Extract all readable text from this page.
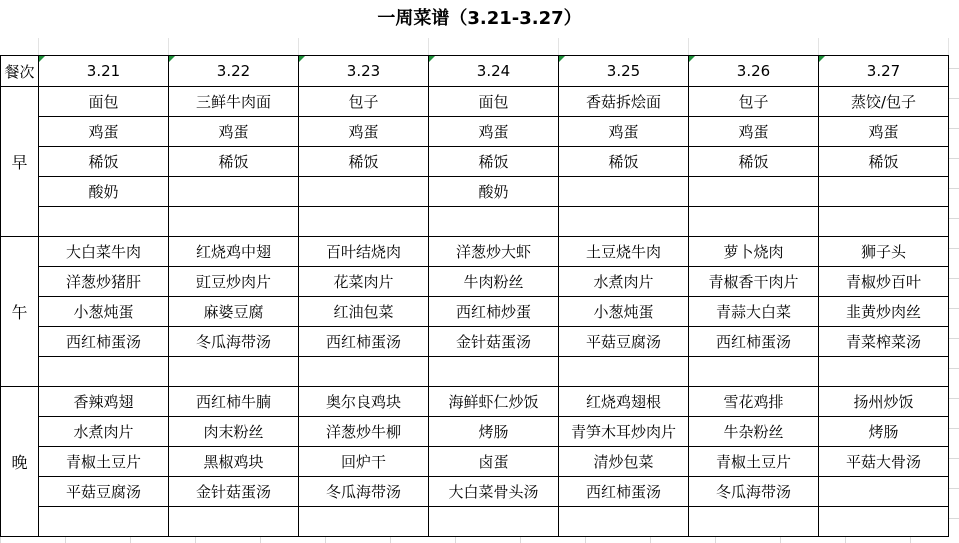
一周菜谱（3.21-3.27）
餐次	3.21	3.22	3.23	3.24	3.25	3.26	3.27
早	面包	三鲜牛肉面	包子	面包	香菇拆烩面	包子	蒸饺/包子
	鸡蛋	鸡蛋	鸡蛋	鸡蛋	鸡蛋	鸡蛋	鸡蛋
	稀饭	稀饭	稀饭	稀饭	稀饭	稀饭	稀饭
	酸奶			酸奶			

午	大白菜牛肉	红烧鸡中翅	百叶结烧肉	洋葱炒大虾	土豆烧牛肉	萝卜烧肉	狮子头
	洋葱炒猪肝	豇豆炒肉片	花菜肉片	牛肉粉丝	水煮肉片	青椒香干肉片	青椒炒百叶
	小葱炖蛋	麻婆豆腐	红油包菜	西红柿炒蛋	小葱炖蛋	青蒜大白菜	韭黄炒肉丝
	西红柿蛋汤	冬瓜海带汤	西红柿蛋汤	金针菇蛋汤	平菇豆腐汤	西红柿蛋汤	青菜榨菜汤

晚	香辣鸡翅	西红柿牛腩	奥尔良鸡块	海鲜虾仁炒饭	红烧鸡翅根	雪花鸡排	扬州炒饭
	水煮肉片	肉末粉丝	洋葱炒牛柳	烤肠	青笋木耳炒肉片	牛杂粉丝	烤肠
	青椒土豆片	黑椒鸡块	回炉干	卤蛋	清炒包菜	青椒土豆片	平菇大骨汤
	平菇豆腐汤	金针菇蛋汤	冬瓜海带汤	大白菜骨头汤	西红柿蛋汤	冬瓜海带汤	
